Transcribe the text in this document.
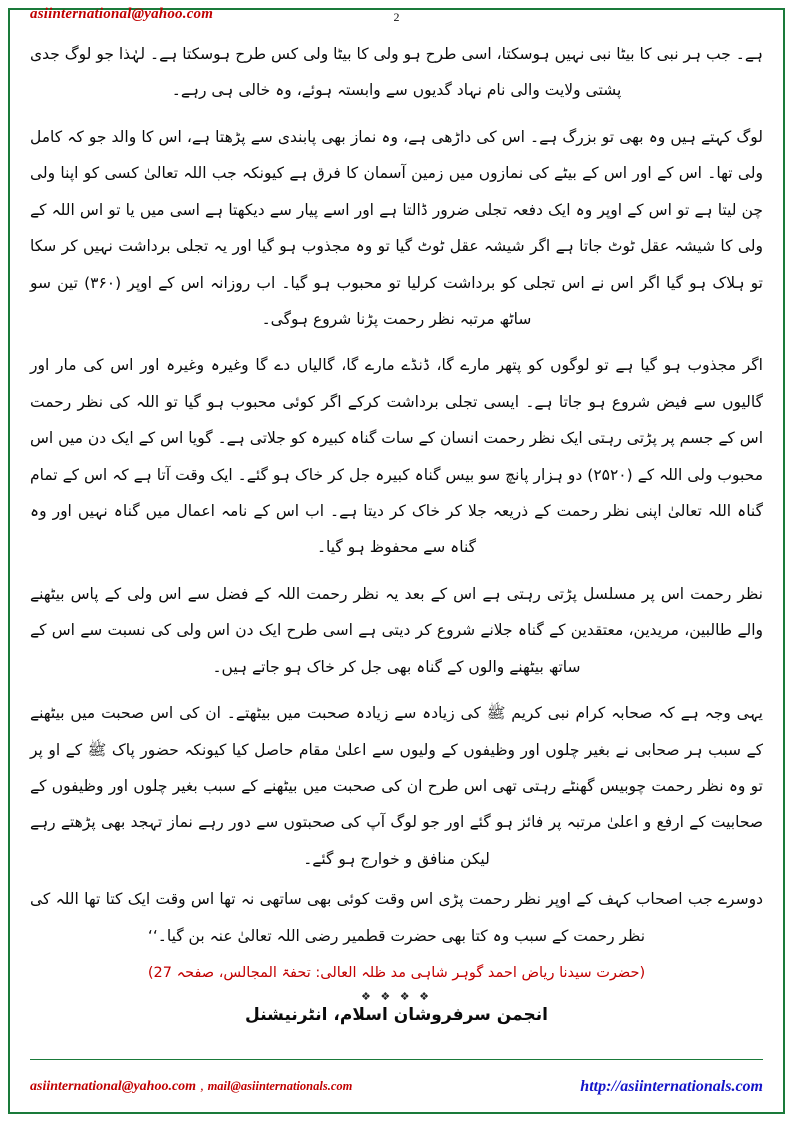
asiinternational@yahoo.com	2

ہے۔ جب ہر نبی کا بیٹا نبی نہیں ہوسکتا، اسی طرح ہو ولی کا بیٹا ولی کس طرح ہوسکتا ہے۔ لہٰذا جو لوگ جدی پشتی ولایت والی نام نہاد گدیوں سے وابستہ ہوئے، وہ خالی ہی رہے۔

لوگ کہتے ہیں وہ بھی تو بزرگ ہے۔ اس کی داڑھی ہے، وہ نماز بھی پابندی سے پڑھتا ہے، اس کا والد جو کہ کامل ولی تھا۔ اس کے اور اس کے بیٹے کی نمازوں میں زمین آسمان کا فرق ہے کیونکہ جب اللہ تعالیٰ کسی کو اپنا ولی چن لیتا ہے تو اس کے اوپر وہ ایک دفعہ تجلی ضرور ڈالتا ہے اور اسے پیار سے دیکھتا ہے اسی میں یا تو اس اللہ کے ولی کا شیشہ عقل ٹوٹ جاتا ہے اگر شیشہ عقل ٹوٹ گیا تو وہ مجذوب ہو گیا اور یہ تجلی برداشت نہیں کر سکا تو ہلاک ہو گیا اگر اس نے اس تجلی کو برداشت کرلیا تو محبوب ہو گیا۔ اب روزانہ اس کے اوپر (۳۶۰) تین سو ساٹھ مرتبہ نظر رحمت پڑنا شروع ہوگی۔

اگر مجذوب ہو گیا ہے تو لوگوں کو پتھر مارے گا، ڈنڈے مارے گا، گالیاں دے گا وغیرہ وغیرہ اور اس کی مار اور گالیوں سے فیض شروع ہو جاتا ہے۔ ایسی تجلی برداشت کرکے اگر کوئی محبوب ہو گیا تو اللہ کی نظر رحمت اس کے جسم پر پڑتی رہتی ایک نظر رحمت انسان کے سات گناہ کبیرہ کو جلاتی ہے۔ گویا اس کے ایک دن میں اس محبوب ولی اللہ کے (۲۵۲۰) دو ہزار پانچ سو بیس گناہ کبیرہ جل کر خاک ہو گئے۔ ایک وقت آتا ہے کہ اس کے تمام گناہ اللہ تعالیٰ اپنی نظر رحمت کے ذریعہ جلا کر خاک کر دیتا ہے۔ اب اس کے نامہ اعمال میں گناہ نہیں اور وہ گناہ سے محفوظ ہو گیا۔

نظر رحمت اس پر مسلسل پڑتی رہتی ہے اس کے بعد یہ نظر رحمت اللہ کے فضل سے اس ولی کے پاس بیٹھنے والے طالبین، مریدین، معتقدین کے گناہ جلانے شروع کر دیتی ہے اسی طرح ایک دن اس ولی کی نسبت سے اس کے ساتھ بیٹھنے والوں کے گناہ بھی جل کر خاک ہو جاتے ہیں۔

یہی وجہ ہے کہ صحابہ کرام نبی کریم ﷺ کی زیادہ سے زیادہ صحبت میں بیٹھتے۔ ان کی اس صحبت میں بیٹھنے کے سبب ہر صحابی نے بغیر چلوں اور وظیفوں کے ولیوں سے اعلیٰ مقام حاصل کیا کیونکہ حضور پاک ﷺ کے او پر تو وہ نظر رحمت چوبیس گھنٹے رہتی تھی اس طرح ان کی صحبت میں بیٹھنے کے سبب بغیر چلوں اور وظیفوں کے صحابیت کے ارفع و اعلیٰ مرتبہ پر فائز ہو گئے اور جو لوگ آپ کی صحبتوں سے دور رہے نماز تہجد بھی پڑھتے رہے لیکن منافق و خوارج ہو گئے۔

دوسرے جب اصحاب کہف کے اوپر نظر رحمت پڑی اس وقت کوئی بھی ساتھی نہ تھا اس وقت ایک کتا تھا اللہ کی نظر رحمت کے سبب وہ کتا بھی حضرت قطمیر رضی اللہ تعالیٰ عنہ بن گیا۔‘‘

(حضرت سیدنا ریاض احمد گوہر شاہی مد ظلہ العالی: تحفۃ المجالس، صفحہ 27)
❖ ❖ ❖ ❖
انجمن سرفروشان اسلام، انٹرنیشنل
asiinternational@yahoo.com , mail@asiinternationals.com	http://asiinternationals.com
